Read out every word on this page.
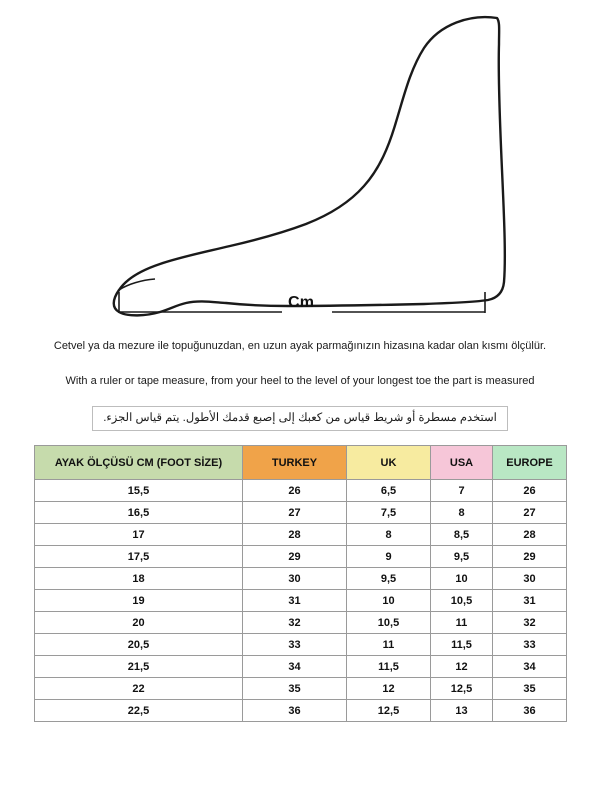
Cm

Cetvel ya da mezure ile topuğunuzdan, en uzun ayak parmağınızın hizasına kadar olan kısmı ölçülür.

With a ruler or tape measure, from your heel to the level of your longest toe the part is measured

استخدم مسطرة أو شريط قياس من كعبك إلى إصبع قدمك الأطول. يتم قياس الجزء.
AYAK ÖLÇÜSÜ CM (FOOT SİZE)	TURKEY	UK	USA	EUROPE
15,5	26	6,5	7	26
16,5	27	7,5	8	27
17	28	8	8,5	28
17,5	29	9	9,5	29
18	30	9,5	10	30
19	31	10	10,5	31
20	32	10,5	11	32
20,5	33	11	11,5	33
21,5	34	11,5	12	34
22	35	12	12,5	35
22,5	36	12,5	13	36
